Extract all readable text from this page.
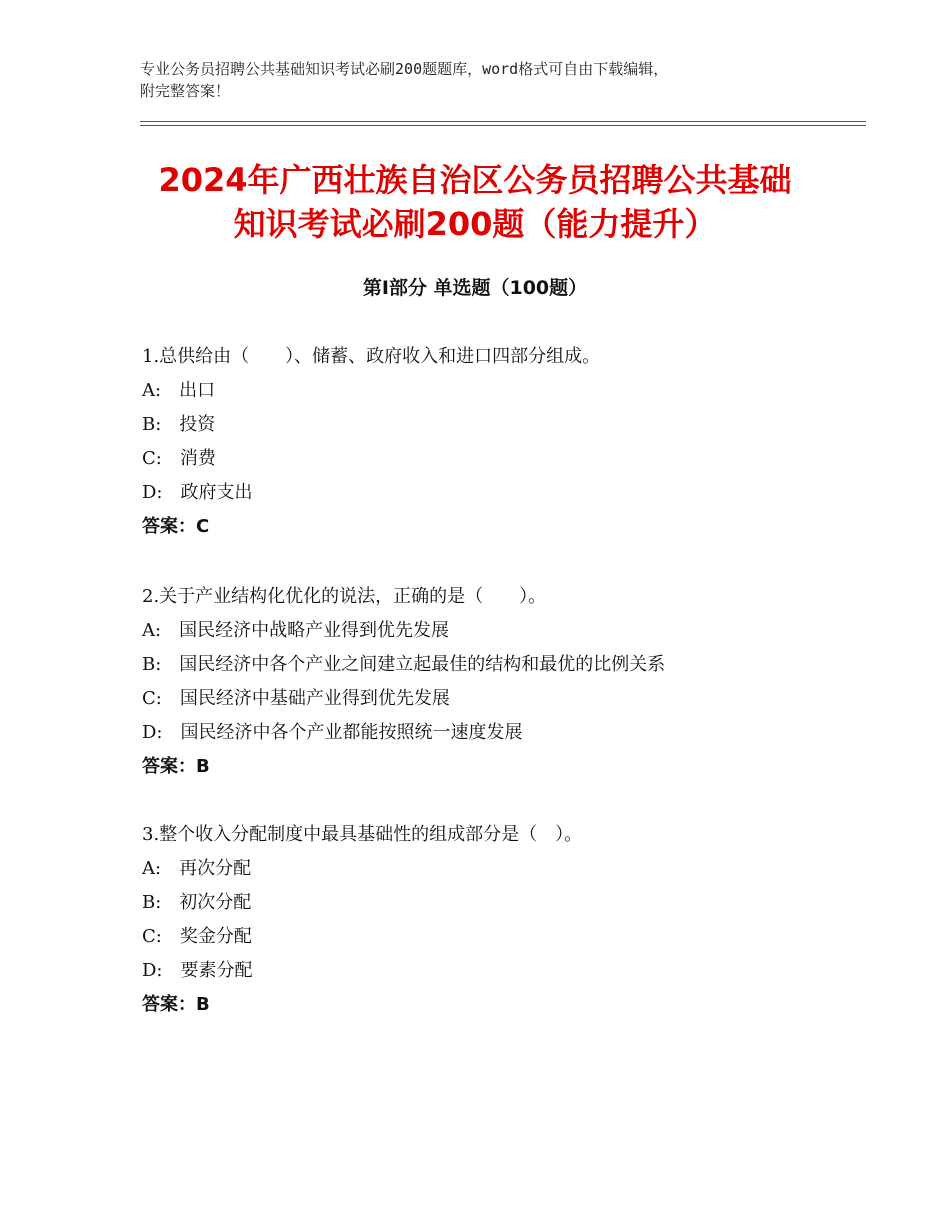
专业公务员招聘公共基础知识考试必刷200题题库，word格式可自由下载编辑，
附完整答案！
2024年广西壮族自治区公务员招聘公共基础
知识考试必刷200题（能力提升）
第Ⅰ部分 单选题（100题）
1.总供给由（　　）、储蓄、政府收入和进口四部分组成。
A:　出口
B:　投资
C:　消费
D:　政府支出
答案：C
2.关于产业结构化优化的说法，正确的是（　　）。
A:　国民经济中战略产业得到优先发展
B:　国民经济中各个产业之间建立起最佳的结构和最优的比例关系
C:　国民经济中基础产业得到优先发展
D:　国民经济中各个产业都能按照统一速度发展
答案：B
3.整个收入分配制度中最具基础性的组成部分是（　）。
A:　再次分配
B:　初次分配
C:　奖金分配
D:　要素分配
答案：B
